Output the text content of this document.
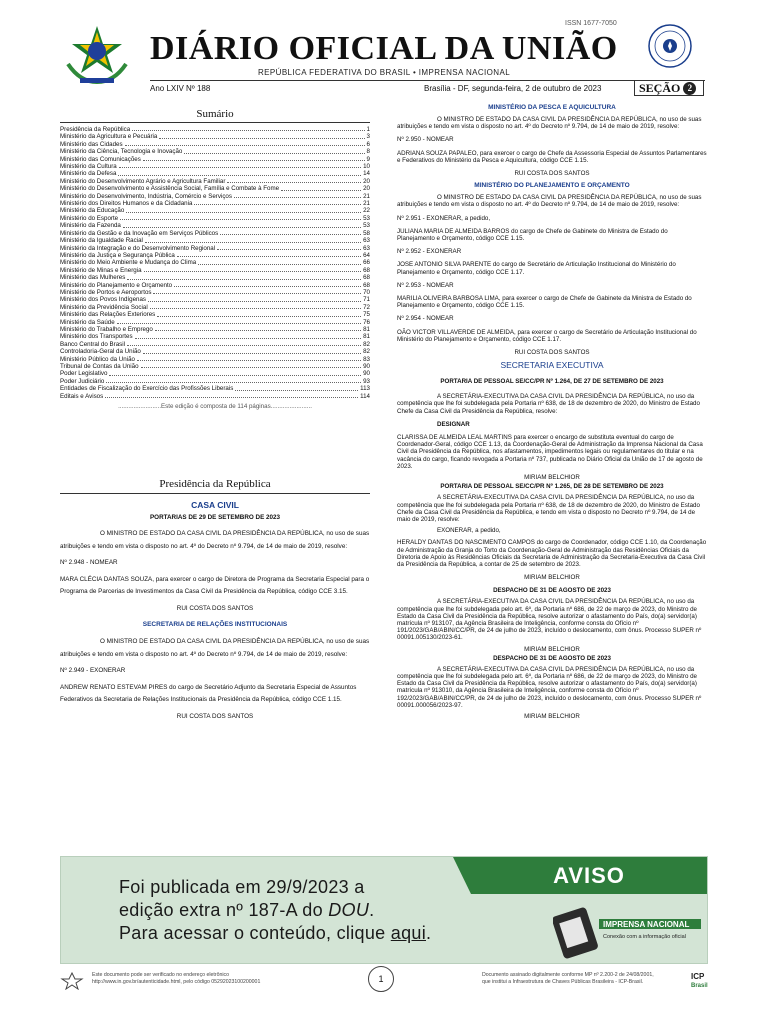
DIÁRIO OFICIAL DA UNIÃO
REPÚBLICA FEDERATIVA DO BRASIL • IMPRENSA NACIONAL
ISSN 1677-7050
Ano LXIV Nº 188	Brasília - DF, segunda-feira, 2 de outubro de 2023	SEÇÃO 2
Sumário
Presidência da República	1
Ministério da Agricultura e Pecuária	3
Ministério das Cidades	6
Ministério da Ciência, Tecnologia e Inovação	8
Ministério das Comunicações	9
Ministério da Cultura	10
Ministério da Defesa	14
Ministério do Desenvolvimento Agrário e Agricultura Familiar	20
Ministério do Desenvolvimento e Assistência Social, Família e Combate à Fome	20
Ministério do Desenvolvimento, Indústria, Comércio e Serviços	21
Ministério dos Direitos Humanos e da Cidadania	21
Ministério da Educação	22
Ministério do Esporte	53
Ministério da Fazenda	53
Ministério da Gestão e da Inovação em Serviços Públicos	58
Ministério da Igualdade Racial	63
Ministério da Integração e do Desenvolvimento Regional	63
Ministério da Justiça e Segurança Pública	64
Ministério do Meio Ambiente e Mudança do Clima	66
Ministério de Minas e Energia	68
Ministério das Mulheres	68
Ministério do Planejamento e Orçamento	68
Ministério de Portos e Aeroportos	70
Ministério dos Povos Indígenas	71
Ministério da Previdência Social	72
Ministério das Relações Exteriores	75
Ministério da Saúde	76
Ministério do Trabalho e Emprego	81
Ministério dos Transportes	81
Banco Central do Brasil	82
Controladoria-Geral da União	82
Ministério Público da União	83
Tribunal de Contas da União	90
Poder Legislativo	90
Poder Judiciário	93
Entidades de Fiscalização do Exercício das Profissões Liberais	113
Editais e Avisos	114
.........................Este edição é composta de 114 páginas........................
Presidência da República
CASA CIVIL
PORTARIAS DE 29 DE SETEMBRO DE 2023
O MINISTRO DE ESTADO DA CASA CIVIL DA PRESIDÊNCIA DA REPÚBLICA, no uso de suas atribuições e tendo em vista o disposto no art. 4º do Decreto nº 9.794, de 14 de maio de 2019, resolve:
Nº 2.948 - NOMEAR
MARA CLÉCIA DANTAS SOUZA, para exercer o cargo de Diretora de Programa da Secretaria Especial para o Programa de Parcerias de Investimentos da Casa Civil da Presidência da República, código CCE 3.15.
RUI COSTA DOS SANTOS
SECRETARIA DE RELAÇÕES INSTITUCIONAIS
O MINISTRO DE ESTADO DA CASA CIVIL DA PRESIDÊNCIA DA REPÚBLICA, no uso de suas atribuições e tendo em vista o disposto no art. 4º do Decreto nº 9.794, de 14 de maio de 2019, resolve:
Nº 2.949 - EXONERAR
ANDREW RENATO ESTEVAM PIRES do cargo de Secretário Adjunto da Secretaria Especial de Assuntos Federativos da Secretaria de Relações Institucionais da Presidência da República, código CCE 1.15.
RUI COSTA DOS SANTOS
MINISTÉRIO DA PESCA E AQUICULTURA
O MINISTRO DE ESTADO DA CASA CIVIL DA PRESIDÊNCIA DA REPÚBLICA, no uso de suas atribuições e tendo em vista o disposto no art. 4º do Decreto nº 9.794, de 14 de maio de 2019, resolve:
Nº 2.950 - NOMEAR
ADRIANA SOUZA PAPALEO, para exercer o cargo de Chefe da Assessoria Especial de Assuntos Parlamentares e Federativos do Ministério da Pesca e Aquicultura, código CCE 1.15.
RUI COSTA DOS SANTOS
MINISTÉRIO DO PLANEJAMENTO E ORÇAMENTO
O MINISTRO DE ESTADO DA CASA CIVIL DA PRESIDÊNCIA DA REPÚBLICA, no uso de suas atribuições e tendo em vista o disposto no art. 4º do Decreto nº 9.794, de 14 de maio de 2019, resolve:
Nº 2.951 - EXONERAR, a pedido,
JULIANA MARIA DE ALMEIDA BARROS do cargo de Chefe de Gabinete do Ministra de Estado do Planejamento e Orçamento, código CCE 1.15.
Nº 2.952 - EXONERAR
JOSE ANTONIO SILVA PARENTE do cargo de Secretário de Articulação Institucional do Ministério do Planejamento e Orçamento, código CCE 1.17.
Nº 2.953 - NOMEAR
MARILIA OLIVEIRA BARBOSA LIMA, para exercer o cargo de Chefe de Gabinete da Ministra de Estado do Planejamento e Orçamento, código CCE 1.15.
Nº 2.954 - NOMEAR
OÃO VICTOR VILLAVERDE DE ALMEIDA, para exercer o cargo de Secretário de Articulação Institucional do Ministério do Planejamento e Orçamento, código CCE 1.17.
RUI COSTA DOS SANTOS
SECRETARIA EXECUTIVA
PORTARIA DE PESSOAL SE/CC/PR Nº 1.264, DE 27 DE SETEMBRO DE 2023
A SECRETÁRIA-EXECUTIVA DA CASA CIVIL DA PRESIDÊNCIA DA REPÚBLICA, no uso da competência que lhe foi subdelegada pela Portaria nº 638, de 18 de dezembro de 2020, do Ministro de Estado Chefe da Casa Civil da Presidência da República, resolve:
DESIGNAR
CLARISSA DE ALMEIDA LEAL MARTINS para exercer o encargo de substituta eventual do cargo de Coordenador-Geral, código CCE 1.13, da Coordenação-Geral de Administração da Imprensa Nacional da Casa Civil da Presidência da República, nos afastamentos, impedimentos legais ou regulamentares do titular e na vacância do cargo, ficando revogada a Portaria nº 737, publicada no Diário Oficial da União de 17 de agosto de 2023.
MIRIAM BELCHIOR
PORTARIA DE PESSOAL SE/CC/PR Nº 1.265, DE 28 DE SETEMBRO DE 2023
A SECRETÁRIA-EXECUTIVA DA CASA CIVIL DA PRESIDÊNCIA DA REPÚBLICA, no uso da competência que lhe foi subdelegada pela Portaria nº 638, de 18 de dezembro de 2020, do Ministro de Estado Chefe da Casa Civil da Presidência da República, e tendo em vista o disposto no Decreto nº 9.794, de 14 de maio de 2019, resolve:
EXONERAR, a pedido,
HERALDY DANTAS DO NASCIMENTO CAMPOS do cargo de Coordenador, código CCE 1.10, da Coordenação de Administração da Granja do Torto da Coordenação-Geral de Administração das Residências Oficiais da Diretoria de Apoio às Residências Oficiais da Secretaria de Administração da Secretaria-Executiva da Casa Civil da Presidência da República, a contar de 25 de setembro de 2023.
MIRIAM BELCHIOR
DESPACHO DE 31 DE AGOSTO DE 2023
A SECRETÁRIA-EXECUTIVA DA CASA CIVIL DA PRESIDÊNCIA DA REPÚBLICA, no uso da competência que lhe foi subdelegada pelo art. 6º, da Portaria nº 686, de 22 de março de 2023, do Ministro de Estado da Casa Civil da Presidência da República, resolve autorizar o afastamento do País, do(a) servidor(a) matrícula nº 913107, da Agência Brasileira de Inteligência, conforme consta do Ofício nº 191/2023/GAB/ABIN/CC/PR, de 24 de julho de 2023, incluído o deslocamento, com ônus. Processo SUPER nº 00091.005130/2023-61.
MIRIAM BELCHIOR
DESPACHO DE 31 DE AGOSTO DE 2023
A SECRETÁRIA-EXECUTIVA DA CASA CIVIL DA PRESIDÊNCIA DA REPÚBLICA, no uso da competência que lhe foi subdelegada pelo art. 6º, da Portaria nº 686, de 22 de março de 2023, do Ministro de Estado da Casa Civil da Presidência da República, resolve autorizar o afastamento do País, do(a) servidor(a) matrícula nº 913010, da Agência Brasileira de Inteligência, conforme consta do Ofício nº 192/2023/GAB/ABIN/CC/PR, de 24 de julho de 2023, incluído o deslocamento, com ônus. Processo SUPER nº 00091.000056/2023-97.
MIRIAM BELCHIOR
Foi publicada em 29/9/2023 a
edição extra nº 187-A do DOU.
Para acessar o conteúdo, clique aqui.
AVISO
IMPRENSA NACIONAL
Conexão com a informação oficial
Este documento pode ser verificado no endereço eletrônico
http://www.in.gov.br/autenticidade.html, pelo código 05292023100200001	1	Documento assinado digitalmente conforme MP nº 2.200-2 de 24/08/2001,
que institui a Infraestrutura de Chaves Públicas Brasileira - ICP-Brasil.
ICP
Brasil
